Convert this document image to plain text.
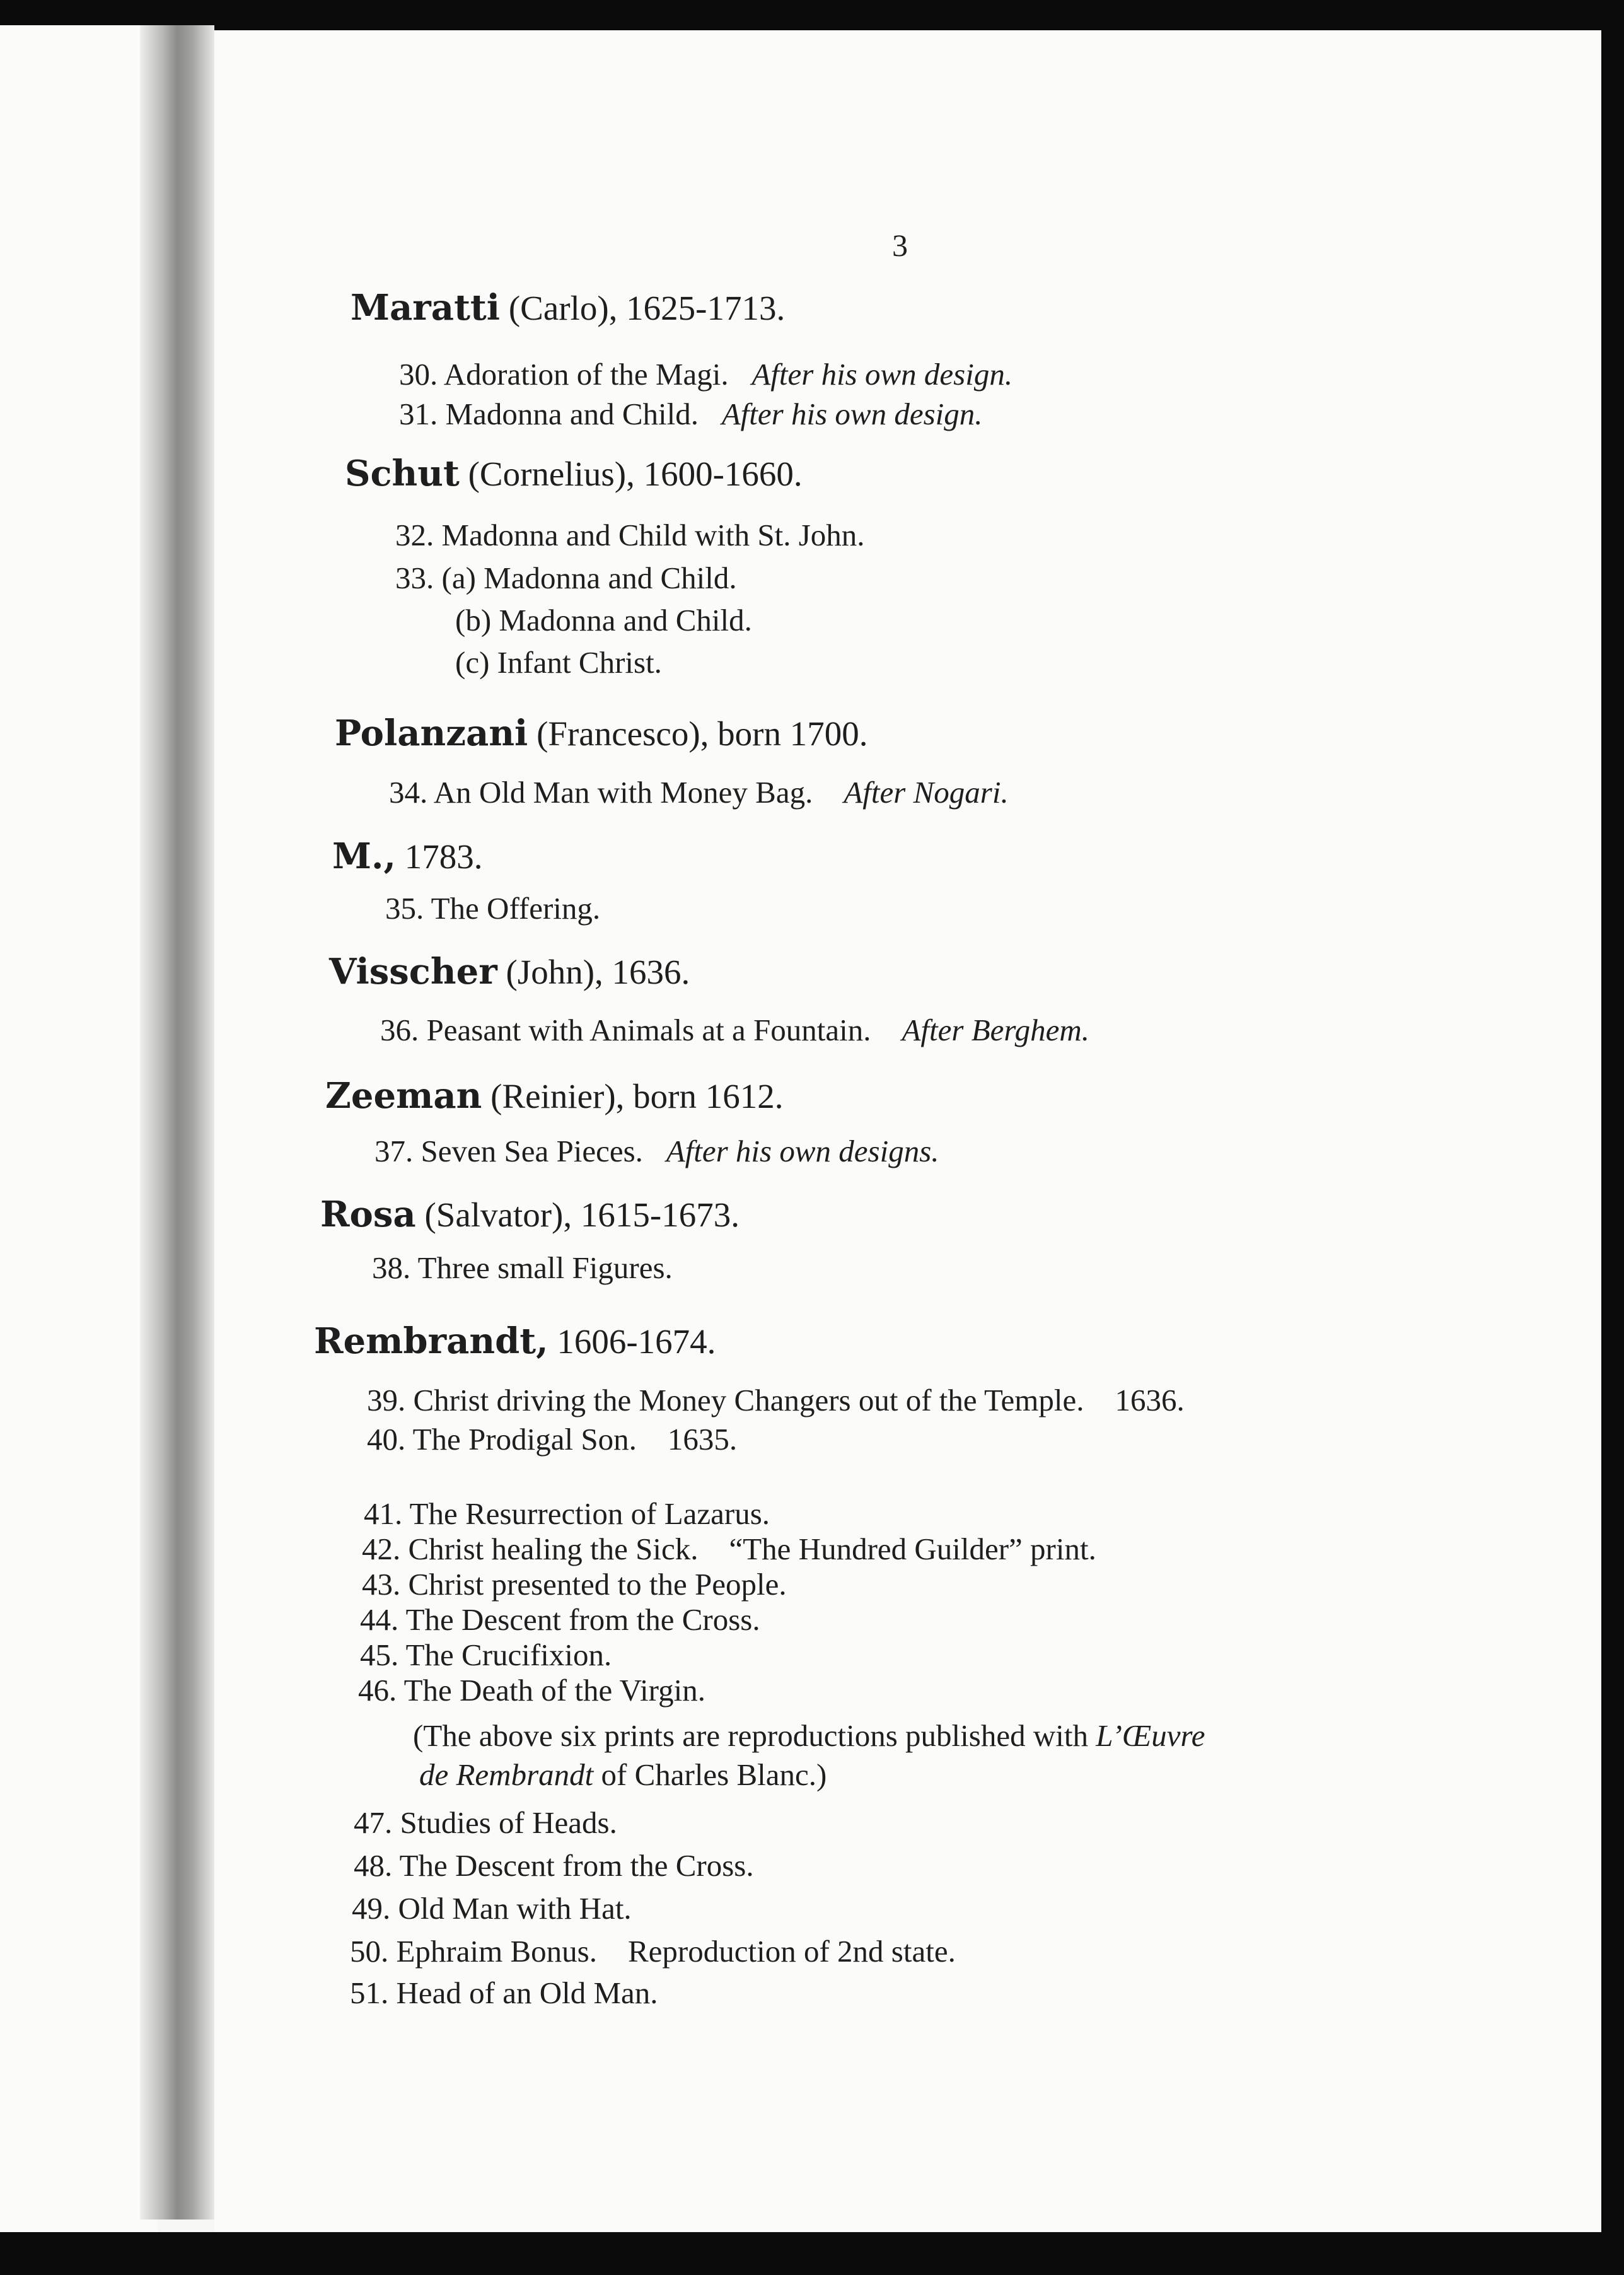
3
Maratti (Carlo), 1625-1713.
30. Adoration of the Magi. After his own design.
31. Madonna and Child. After his own design.
Schut (Cornelius), 1600-1660.
32. Madonna and Child with St. John.
33. (a) Madonna and Child.
(b) Madonna and Child.
(c) Infant Christ.
Polanzani (Francesco), born 1700.
34. An Old Man with Money Bag. After Nogari.
M., 1783.
35. The Offering.
Visscher (John), 1636.
36. Peasant with Animals at a Fountain. After Berghem.
Zeeman (Reinier), born 1612.
37. Seven Sea Pieces. After his own designs.
Rosa (Salvator), 1615-1673.
38. Three small Figures.
Rembrandt, 1606-1674.
39. Christ driving the Money Changers out of the Temple. 1636.
40. The Prodigal Son. 1635.
41. The Resurrection of Lazarus.
42. Christ healing the Sick. “The Hundred Guilder” print.
43. Christ presented to the People.
44. The Descent from the Cross.
45. The Crucifixion.
46. The Death of the Virgin.
(The above six prints are reproductions published with L’Œuvre
de Rembrandt of Charles Blanc.)
47. Studies of Heads.
48. The Descent from the Cross.
49. Old Man with Hat.
50. Ephraim Bonus. Reproduction of 2nd state.
51. Head of an Old Man.
